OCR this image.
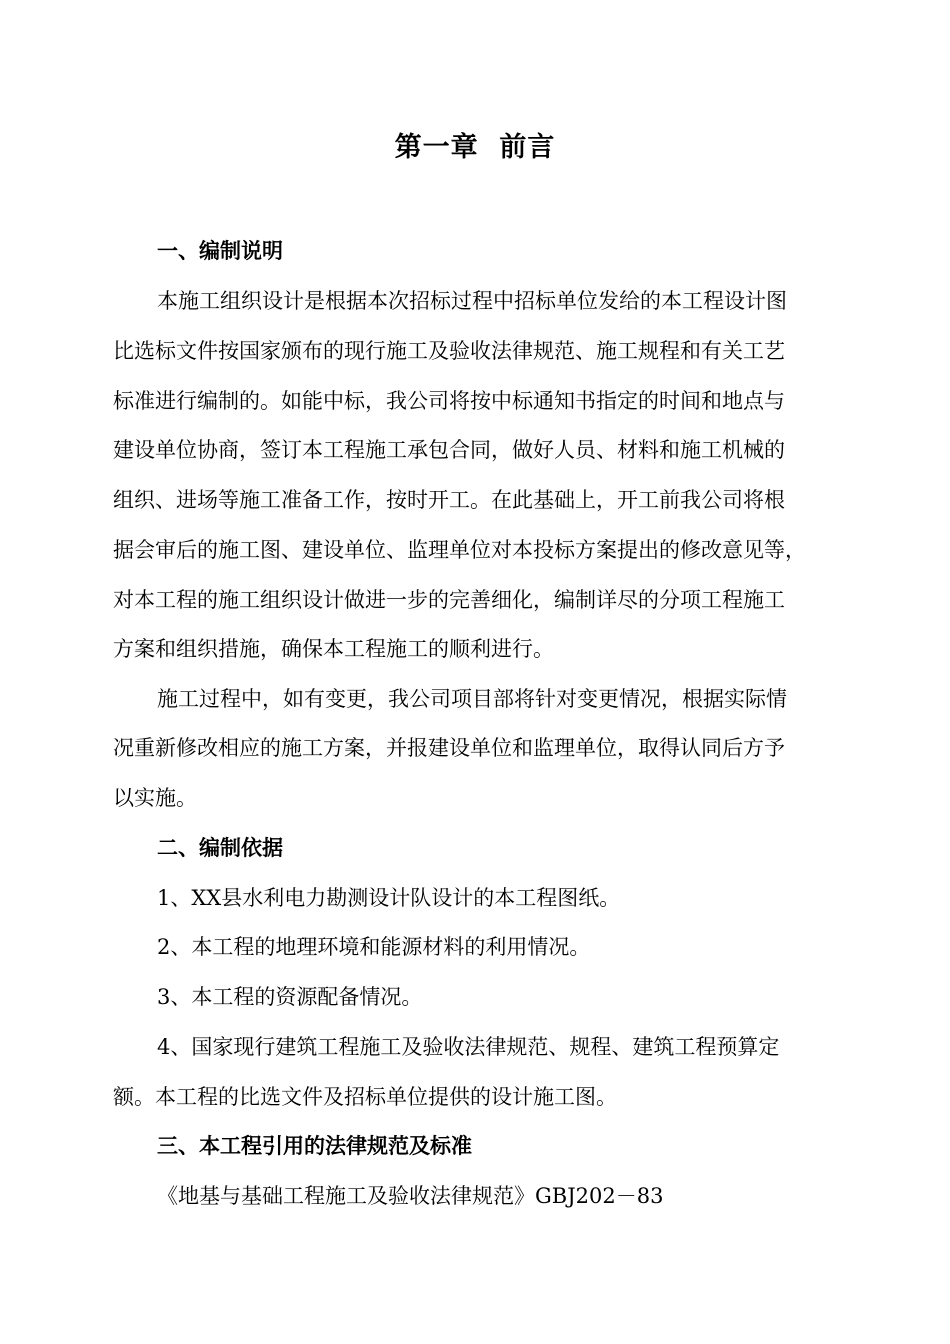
第一章  前言
一、编制说明
本施工组织设计是根据本次招标过程中招标单位发给的本工程设计图
比选标文件按国家颁布的现行施工及验收法律规范、施工规程和有关工艺
标准进行编制的。如能中标，我公司将按中标通知书指定的时间和地点与
建设单位协商，签订本工程施工承包合同，做好人员、材料和施工机械的
组织、进场等施工准备工作，按时开工。在此基础上，开工前我公司将根
据会审后的施工图、建设单位、监理单位对本投标方案提出的修改意见等，
对本工程的施工组织设计做进一步的完善细化，编制详尽的分项工程施工
方案和组织措施，确保本工程施工的顺利进行。
施工过程中，如有变更，我公司项目部将针对变更情况，根据实际情
况重新修改相应的施工方案，并报建设单位和监理单位，取得认同后方予
以实施。
二、编制依据
1、XX县水利电力勘测设计队设计的本工程图纸。
2、本工程的地理环境和能源材料的利用情况。
3、本工程的资源配备情况。
4、国家现行建筑工程施工及验收法律规范、规程、建筑工程预算定
额。本工程的比选文件及招标单位提供的设计施工图。
三、本工程引用的法律规范及标准
《地基与基础工程施工及验收法律规范》GBJ202－83
